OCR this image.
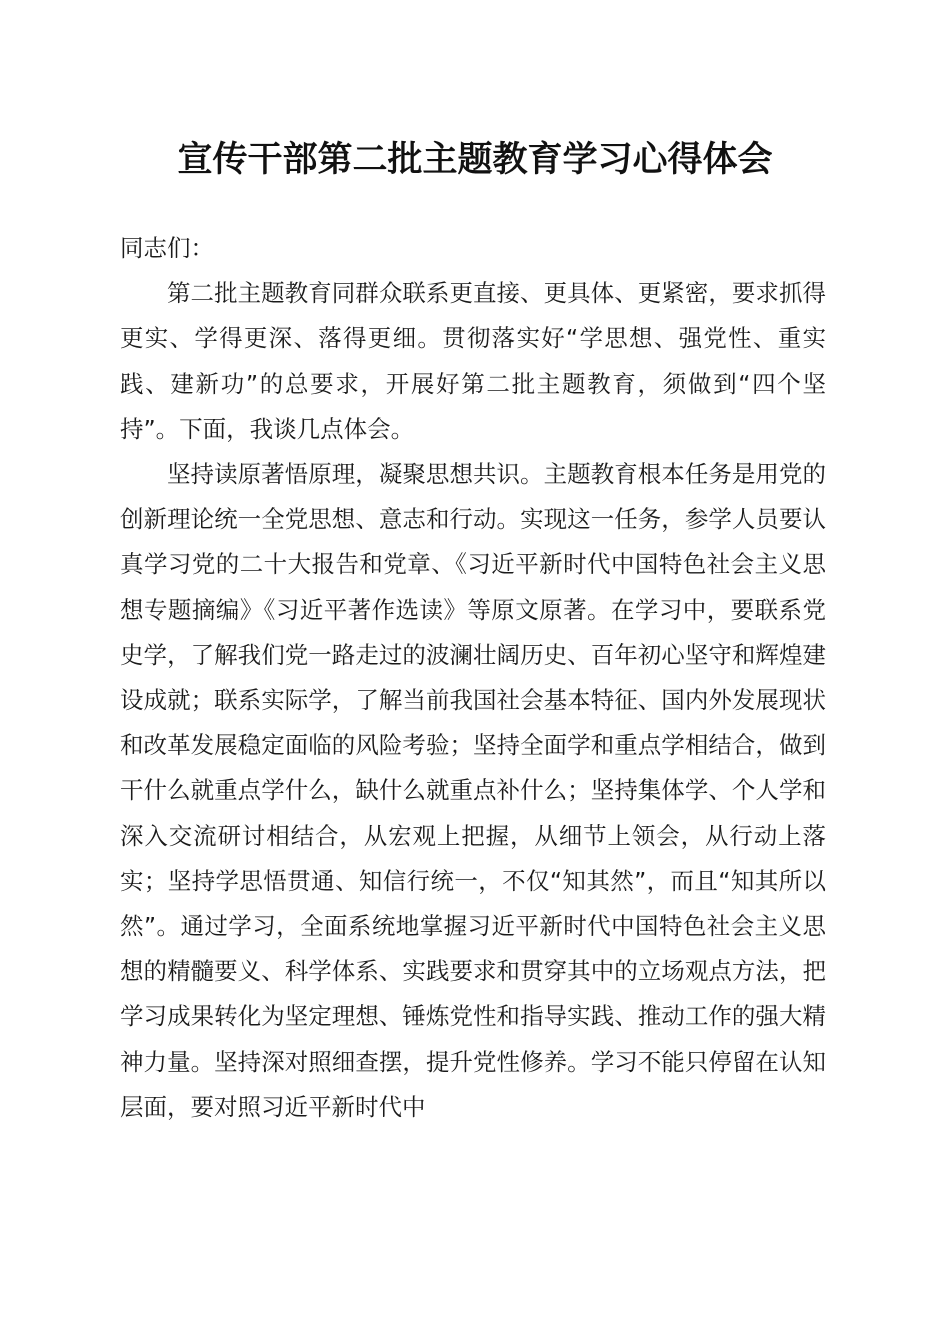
宣传干部第二批主题教育学习心得体会

同志们：

第二批主题教育同群众联系更直接、更具体、更紧密，要求抓得更实、学得更深、落得更细。贯彻落实好“学思想、强党性、重实践、建新功”的总要求，开展好第二批主题教育，须做到“四个坚持”。下面，我谈几点体会。

坚持读原著悟原理，凝聚思想共识。主题教育根本任务是用党的创新理论统一全党思想、意志和行动。实现这一任务，参学人员要认真学习党的二十大报告和党章、《习近平新时代中国特色社会主义思想专题摘编》《习近平著作选读》等原文原著。在学习中，要联系党史学，了解我们党一路走过的波澜壮阔历史、百年初心坚守和辉煌建设成就；联系实际学，了解当前我国社会基本特征、国内外发展现状和改革发展稳定面临的风险考验；坚持全面学和重点学相结合，做到干什么就重点学什么，缺什么就重点补什么；坚持集体学、个人学和深入交流研讨相结合，从宏观上把握，从细节上领会，从行动上落实；坚持学思悟贯通、知信行统一，不仅“知其然”，而且“知其所以然”。通过学习，全面系统地掌握习近平新时代中国特色社会主义思想的精髓要义、科学体系、实践要求和贯穿其中的立场观点方法，把学习成果转化为坚定理想、锤炼党性和指导实践、推动工作的强大精神力量。坚持深对照细查摆，提升党性修养。学习不能只停留在认知层面，要对照习近平新时代中
